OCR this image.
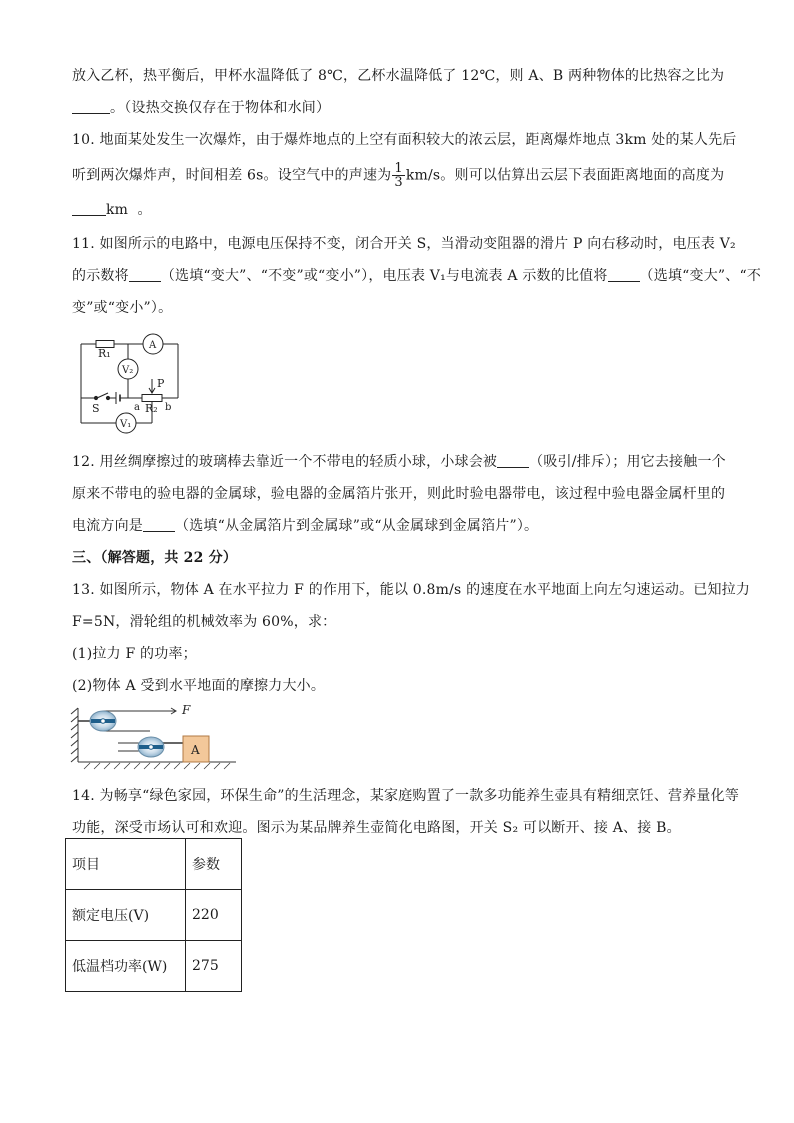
放入乙杯，热平衡后，甲杯水温降低了 8℃，乙杯水温降低了 12℃，则 A、B 两种物体的比热容之比为
。（设热交换仅存在于物体和水间）
10. 地面某处发生一次爆炸，由于爆炸地点的上空有面积较大的浓云层，距离爆炸地点 3km 处的某人先后
听到两次爆炸声，时间相差 6s。设空气中的声速为 $\frac{1}{3} km/s$。则可以估算出云层下表面距离地面的高度为
km 。
11. 如图所示的电路中，电源电压保持不变，闭合开关 S，当滑动变阻器的滑片 P 向右移动时，电压表 V₂
的示数将 （选填“变大”、“不变”或“变小”），电压表 V₁与电流表 A 示数的比值将 （选填“变大”、“不
变”或“变小”）。
R₁
A
V₂
P
S	a	b
R₂
V₁
12. 用丝绸摩擦过的玻璃棒去靠近一个不带电的轻质小球，小球会被 （吸引/排斥）；用它去接触一个
原来不带电的验电器的金属球，验电器的金属箔片张开，则此时验电器带电，该过程中验电器金属杆里的
电流方向是 （选填“从金属箔片到金属球”或“从金属球到金属箔片”）。
三、（解答题，共 22 分）
13. 如图所示，物体 A 在水平拉力 F 的作用下，能以 0.8m/s 的速度在水平地面上向左匀速运动。已知拉力
F=5N，滑轮组的机械效率为 60%，求：
(1)拉力 F 的功率；
(2)物体 A 受到水平地面的摩擦力大小。
A
F
14. 为畅享“绿色家园，环保生命”的生活理念，某家庭购置了一款多功能养生壶具有精细烹饪、营养量化等
功能，深受市场认可和欢迎。图示为某品牌养生壶简化电路图，开关 S₂ 可以断开、接 A、接 B。
项目	参数
额定电压(V)	220
低温档功率(W)	275
